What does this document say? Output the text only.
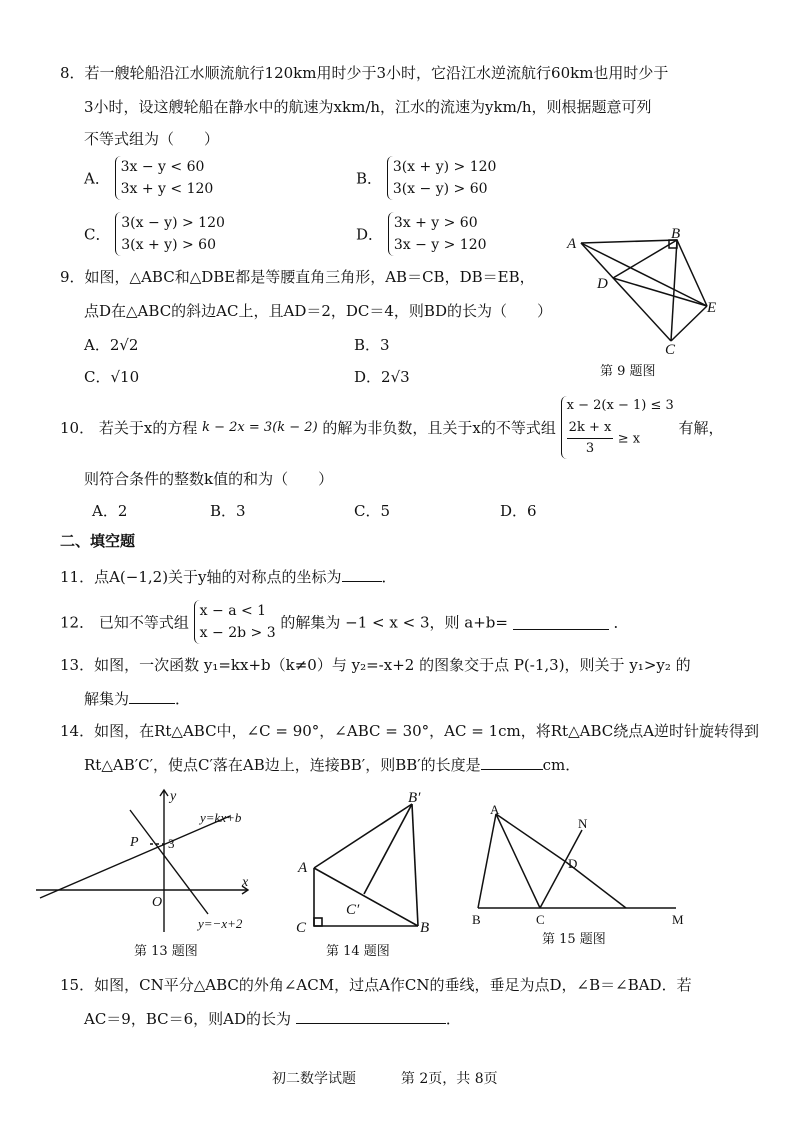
8．若一艘轮船沿江水顺流航行120km用时少于3小时，它沿江水逆流航行60km也用时少于
3小时，设这艘轮船在静水中的航速为xkm/h，江水的流速为ykm/h，则根据题意可列
不等式组为（　　）
A．
3x − y < 60
3x + y < 120
B．
3(x + y) > 120
3(x − y) > 60
C．
3(x − y) > 120
3(x + y) > 60
D．
3x + y > 60
3x − y > 120
9．如图，△ABC和△DBE都是等腰直角三角形，AB＝CB，DB＝EB，
点D在△ABC的斜边AC上，且AD＝2，DC＝4，则BD的长为（　　）
A．2√2	B．3
C．√10	D．2√3
A
B
D
E
C
第 9 题图
10． 若关于x的方程 k − 2x = 3(k − 2) 的解为非负数，且关于x的不等式组
x − 2(x − 1) ≤ 3
$\frac{2k + x}{3} \ge x$
有解，
则符合条件的整数k值的和为（　　）
A．2	B．3	C．5	D．6
二、填空题
11．点A(−1,2)关于y轴的对称点的坐标为	．
12． 已知不等式组
x − a < 1
x − 2b > 3
的解集为 −1 < x < 3，则 a+b=	．
13．如图，一次函数 y₁=kx+b（k≠0）与 y₂=-x+2 的图象交于点 P(-1,3)，则关于 y₁>y₂ 的
解集为	．
14．如图，在Rt△ABC中，∠C = 90°，∠ABC = 30°，AC = 1cm，将Rt△ABC绕点A逆时针旋转得到
Rt△AB′C′，使点C′落在AB边上，连接BB′，则BB′的长度是	cm．
y
x
O
P 3
y=kx+b
y=−x+2
第 13 题图
B′
A
C′
C	B
第 14 题图
A
N
D
B	C	M
第 15 题图
15．如图，CN平分△ABC的外角∠ACM，过点A作CN的垂线，垂足为点D，∠B＝∠BAD．若
AC＝9，BC＝6，则AD的长为	．
初二数学试题	第 2页，共 8页
